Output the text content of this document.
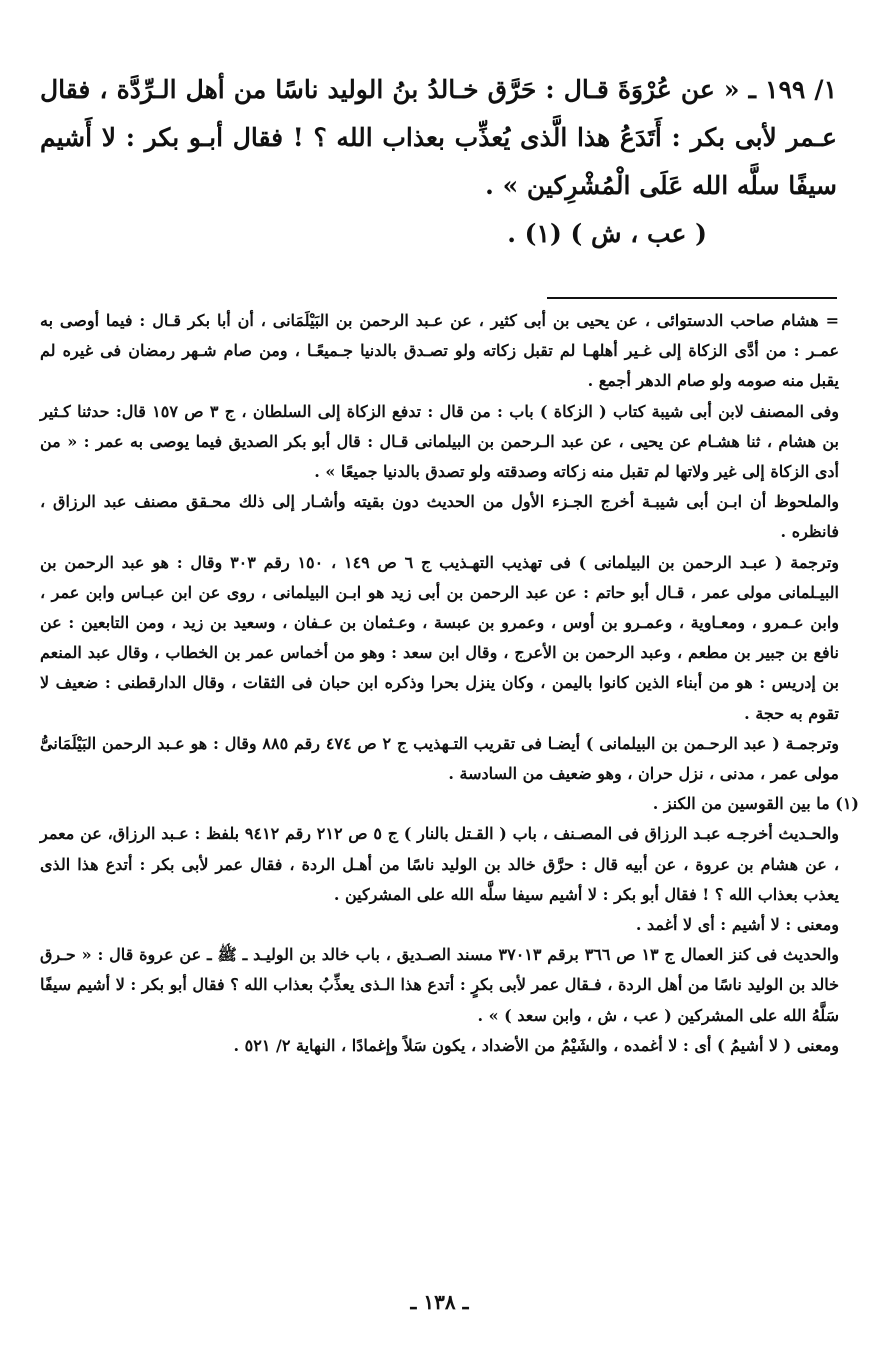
١/ ١٩٩ ـ « عن عُرْوَةَ قـال : حَرَّق خـالدُ بنُ الوليد ناسًا من أهل الـرِّدَّة ، فقال عـمر لأبى بكر : أَتَدَعُ هذا الَّذى يُعذِّب بعذاب الله ؟ ! فقال أبـو بكر : لا أَشيم سيفًا سلَّه الله عَلَى الْمُشْرِكين » .

( عب ، ش ) (١) .

= هشام صاحب الدستوائى ، عن يحيى بن أبى كثير ، عن عـبد الرحمن بن البَيْلَمَانى ، أن أبا بكر قـال : فيما أوصى به عمـر : من أدَّى الزكاة إلى غـير أهلهـا لم تقبل زكاته ولو تصـدق بالدنيا جـميعًـا ، ومن صام شـهر رمضان فى غيره لم يقبل منه صومه ولو صام الدهر أجمع .

وفى المصنف لابن أبى شيبة كتاب ( الزكاة ) باب : من قال : تدفع الزكاة إلى السلطان ، ج ٣ ص ١٥٧ قال: حدثنا كـثير بن هشام ، ثنا هشـام عن يحيى ، عن عبد الـرحمن بن البيلمانى قـال : قال أبو بكر الصديق فيما يوصى به عمر : « من أدى الزكاة إلى غير ولاتها لم تقبل منه زكاته وصدقته ولو تصدق بالدنيا جميعًا » .

والملحوظ أن ابـن أبى شيبـة أخرج الجـزء الأول من الحديث دون بقيته وأشـار إلى ذلك محـقق مصنف عبد الرزاق ، فانظره .

وترجمة ( عبـد الرحمن بن البيلمانى ) فى تهذيب التهـذيب ج ٦ ص ١٤٩ ، ١٥٠ رقم ٣٠٣ وقال : هو عبد الرحمن بن البيـلمانى مولى عمر ، قـال أبو حاتم : عن عبد الرحمن بن أبى زيد هو ابـن البيلمانى ، روى عن ابن عبـاس وابن عمر ، وابن عـمرو ، ومعـاوية ، وعمـرو بن أوس ، وعمرو بن عبسة ، وعـثمان بن عـفان ، وسعيد بن زيد ، ومن التابعين : عن نافع بن جبير بن مطعم ، وعبد الرحمن بن الأعرج ، وقال ابن سعد : وهو من أخماس عمر بن الخطاب ، وقال عبد المنعم بن إدريس : هو من أبناء الذين كانوا باليمن ، وكان ينزل بحرا وذكره ابن حبان فى الثقات ، وقال الدارقطنى : ضعيف لا تقوم به حجة .

وترجمـة ( عبد الرحـمن بن البيلمانى ) أيضـا فى تقريب التـهذيب ج ٢ ص ٤٧٤ رقم ٨٨٥ وقال : هو عـبد الرحمن البَيْلَمَانىُّ مولى عمر ، مدنى ، نزل حران ، وهو ضعيف من السادسة .

(١) ما بين القوسين من الكنز .

والحـديث أخرجـه عبـد الرزاق فى المصـنف ، باب ( القـتل بالنار ) ج ٥ ص ٢١٢ رقم ٩٤١٢ بلفظ : عـبد الرزاق، عن معمر ، عن هشام بن عروة ، عن أبيه قال : حرَّق خالد بن الوليد ناسًا من أهـل الردة ، فقال عمر لأبى بكر : أتدع هذا الذى يعذب بعذاب الله ؟ ! فقال أبو بكر : لا أشيم سيفا سلَّه الله على المشركين .

ومعنى : لا أشيم : أى لا أغمد .

والحديث فى كنز العمال ج ١٣ ص ٣٦٦ برقم ٣٧٠١٣ مسند الصـديق ، باب خالد بن الوليـد ـ ﷺ ـ عن عروة قال : « حـرق خالد بن الوليد ناسًا من أهل الردة ، فـقال عمر لأبى بكرٍ : أتدع هذا الـذى يعذِّبُ بعذاب الله ؟ فقال أبو بكر : لا أشيم سيفًا سَلَّهُ الله على المشركين ( عب ، ش ، وابن سعد ) » .

ومعنى ( لا أشيمُ ) أى : لا أغمده ، والشَيْمُ من الأضداد ، يكون سَلاً وإغمادًا ، النهاية ٢/ ٥٢١ .

ـ ١٣٨ ـ
